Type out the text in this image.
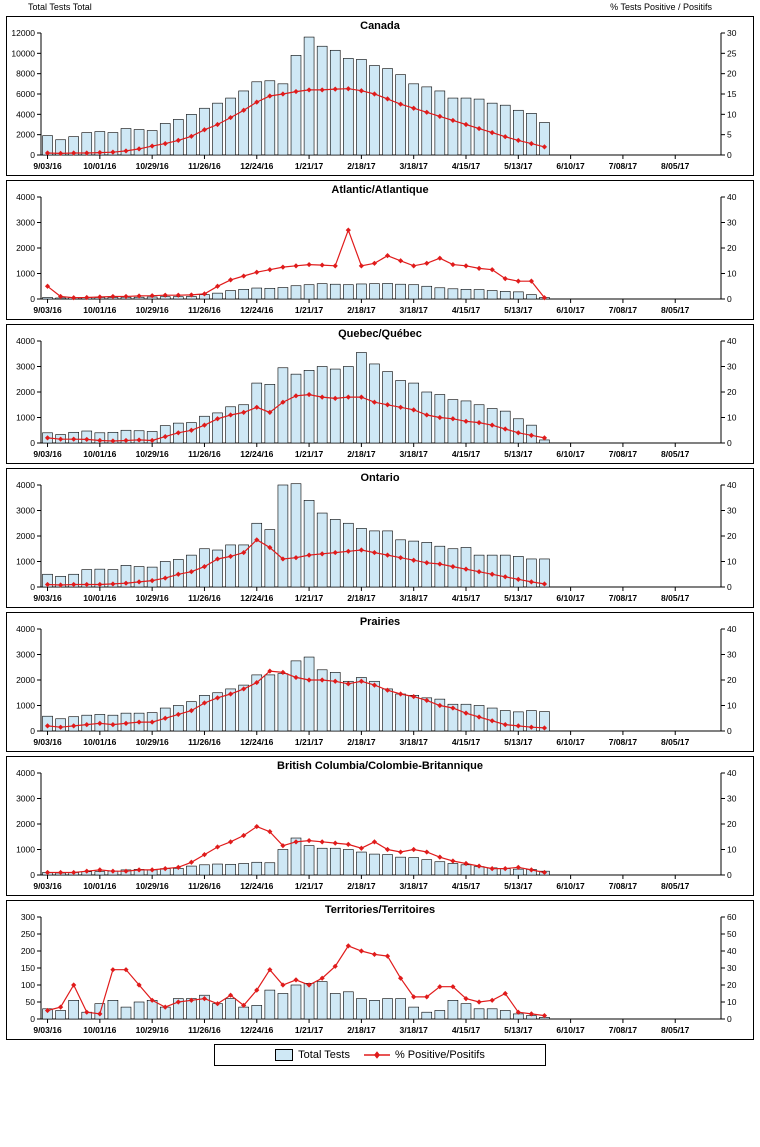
Total Tests Total	% Tests Positive / Positifs
Canada
0
2000
4000
6000
8000
10000
12000
0
5
10
15
20
25
30
9/03/16	10/01/16 10/29/16 11/26/16 12/24/16	1/21/17	2/18/17	3/18/17	4/15/17	5/13/17	6/10/17	7/08/17	8/05/17
Atlantic/Atlantique
0
1000
2000
3000
4000
0
10
20
30
40
9/03/16	10/01/16 10/29/16 11/26/16 12/24/16	1/21/17	2/18/17	3/18/17	4/15/17	5/13/17	6/10/17	7/08/17	8/05/17
Quebec/Québec
0
1000
2000
3000
4000
0
10
20
30
40
9/03/16	10/01/16 10/29/16 11/26/16 12/24/16	1/21/17	2/18/17	3/18/17	4/15/17	5/13/17	6/10/17	7/08/17	8/05/17
Ontario
0
1000
2000
3000
4000
0
10
20
30
40
9/03/16	10/01/16 10/29/16 11/26/16 12/24/16	1/21/17	2/18/17	3/18/17	4/15/17	5/13/17	6/10/17	7/08/17	8/05/17
Prairies
0
1000
2000
3000
4000
0
10
20
30
40
9/03/16	10/01/16 10/29/16 11/26/16 12/24/16	1/21/17	2/18/17	3/18/17	4/15/17	5/13/17	6/10/17	7/08/17	8/05/17
British Columbia/Colombie-Britannique
0
1000
2000
3000
4000
0
10
20
30
40
9/03/16	10/01/16 10/29/16 11/26/16 12/24/16	1/21/17	2/18/17	3/18/17	4/15/17	5/13/17	6/10/17	7/08/17	8/05/17
Territories/Territoires
0
50
100
150
200
250
300
0
10
20
30
40
50
60
9/03/16	10/01/16 10/29/16 11/26/16 12/24/16	1/21/17	2/18/17	3/18/17	4/15/17	5/13/17	6/10/17	7/08/17	8/05/17
Total Tests	% Positive/Positifs
